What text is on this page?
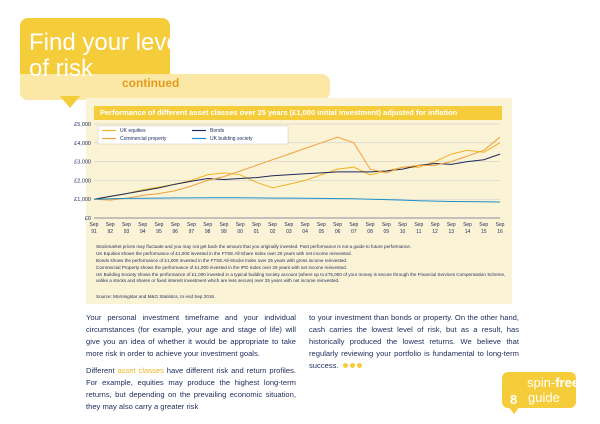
Find your level
of risk
continued
Performance of different asset classes over 25 years (£1,000 initial investment) adjusted for inflation
£0
£1,000
£2,000
£3,000
£4,000
£5,000
Sep
91
Sep
92
Sep
93
Sep
94
Sep
95
Sep
96
Sep
97
Sep
98
Sep
99
Sep
00
Sep
01
Sep
02
Sep
03
Sep
04
Sep
05
Sep
06
Sep
07
Sep
08
Sep
09
Sep
10
Sep
11
Sep
12
Sep
13
Sep
14
Sep
15
Sep
16
UK equities	Bonds
Commercial property	UK building society

Stockmarket prices may fluctuate and you may not get back the amount that you originally invested. Past performance is not a guide to future performance.

UK Equities shows the performance of £1,000 invested in the FTSE All-Share Index over 25 years with net income reinvested.

Bonds shows the performance of £1,000 invested in the FTSE All-Stocks Index over 25 years with gross income reinvested.

Commercial Property shows the performance of £1,000 invested in the IPD Index over 25 years with net income reinvested.

UK Building Society shows the performance of £1,000 invested in a typical building society account (where up to £75,000 of your money is secure through the Financial Services Compensation Scheme, unlike a stocks and shares or fixed interest investment which are less secure) over 25 years with net income reinvested.

Source: Morningstar and M&G Statistics, to end Sep 2016.

Your personal investment timeframe and your individual circumstances (for example, your age and stage of life) will give you an idea of whether it would be appropriate to take more risk in order to achieve your investment goals.

Different asset classes have different risk and return profiles. For example, equities may produce the highest long-term returns, but depending on the prevailing economic situation, they may also carry a greater risk

to your investment than bonds or property. On the other hand, cash carries the lowest level of risk, but as a result, has historically produced the lowest returns. We believe that regularly reviewing your portfolio is fundamental to long-term success.

spin-free
guide
8
